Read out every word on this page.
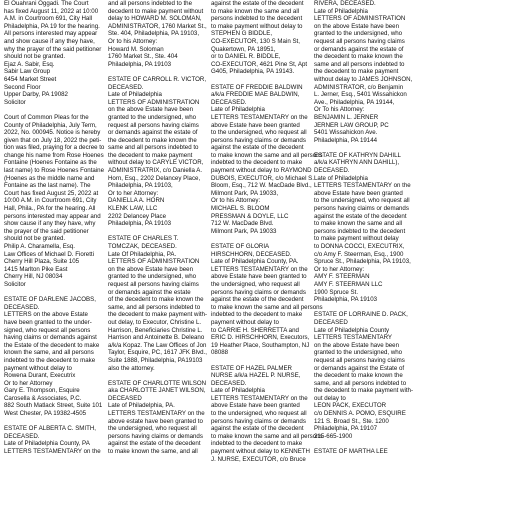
El Ouahrani Oggadi. The Court
has fixed August 11, 2022 at 10:00
A.M. in Courtroom 691, City Hall
Philadelphia, PA 19 for the hearing.
All persons interested may appear
and show cause if any they have,
why the prayer of the said petitioner
should not be granted.
Ejaz A. Sabir, Esq.
Sabir Law Group
6454 Market Street
Second Floor
Upper Darby, PA 19082
Solicitor
Court of Common Pleas for the
County of Philadelphia, July Term,
2022, No. 000945. Notice is hereby
given that on July 18, 2022 the peti-
tion was filed, praying for a decree to
change his name from Rose Hoenes
Fontaine (Hoenes Fontaine as the
last name) to Rose Hoenes Fontaine
(Hoenes as the middle name and
Fontaine as the last name). The
Court has fixed August 25, 2022 at
10:00 A.M. in Courtroom 691, City
Hall, Phila., PA for the hearing. All
persons interested may appear and
show cause if any they have, why
the prayer of the said petitioner
should not be granted.
Philip A. Charamella, Esq.
Law Offices of Michael D. Fioretti
Cherry Hill Plaza, Suite 105
1415 Marlton Pike East
Cherry Hill, NJ 08034
Solicitor
ESTATE OF DARLENE JACOBS,
DECEASED.
LETTERS on the above Estate
have been granted to the under-
signed, who request all persons
having claims or demands against
the Estate of the decedent to make
known the same, and all persons
indebted to the decedent to make
payment without delay to
Rowena Durant, Executrix
Or to her Attorney
Gary E. Thompson, Esquire
Carosella & Associates, P.C.
882 South Matlack Street, Suite 101
West Chester, PA 19382-4505
ESTATE OF ALBERTA C. SMITH,
DECEASED.
Late of Philadelphia County, PA
LETTERS TESTAMENTARY on the
and all persons indebted to the
decedent to make payment without
delay to HOWARD M. SOLOMAN,
ADMINISTRATOR, 1760 Market St.,
Ste. 404, Philadelphia, PA 19103,
Or to his Attorney:
Howard M. Soloman
1760 Market St., Ste. 404
Philadelphia, PA 19103
ESTATE OF CARROLL R. VICTOR,
DECEASED.
Late of Philadelphia
LETTERS OF ADMINISTRATION
on the above Estate have been
granted to the undersigned, who
request all persons having claims
or demands against the estate of
the decedent to make known the
same and all persons indebted to
the decedent to make payment
without delay to CARYLE VICTOR,
ADMINISTRATRIX, c/o Daniella A.
Horn, Esq., 2202 Delancey Place,
Philadelphia, PA 19103,
Or to her Attorney:
DANIELLA A. HORN
KLENK LAW, LLC
2202 Delancey Place
Philadelphia, PA 19103
ESTATE OF CHARLES T.
TOMCZAK, DECEASED.
Late Of Philadelphia, PA.
LETTERS OF ADMINISTRATION
on the above Estate have been
granted to the undersigned, who
request all persons having claims
or demands against the estate
of the decedent to make known the
same, and all persons indebted to
the decedent to make payment with-
out delay, to Executor, Christine L.
Harrison, Beneficiaries Christine L.
Harrison and Antoinette B. Deleano
a/k/a Kopaz. The Law Offices of Jon
Taylor, Esquire, PC, 1617 JFK Blvd.,
Suite 1888, Philadelphia, PA19103
also the attorney.
ESTATE OF CHARLOTTE WILSON
aka CHARLOTTE JANET WILSON,
DECEASED
Late of Philadelphia, PA.
LETTERS TESTAMENTARY on the
above estate have been granted to
the undersigned, who request all
persons having claims or demands
against the estate of the decedent
to make known the same, and all
against the estate of the decedent
to make known the same and all
persons indebted to the decedent
to make payment without delay to
STEPHEN G BIDDLE,
CO-EXECUTOR, 130 S Main St,
Quakertown, PA 18951,
or to DANIEL R. BIDDLE,
CO-EXECUTOR, 4621 Pine St, Apt
G405, Philadelphia, PA 19143.
ESTATE OF FREDDIE BALDWIN
a/k/a FREDDIE MAE BALDWIN,
DECEASED.
Late of Philadelphia
LETTERS TESTAMENTARY on the
above Estate have been granted
to the undersigned, who request all
persons having claims or demands
against the estate of the decedent
to make known the same and all persons
indebted to the decedent to make
payment without delay to RAYMOND
DUBOIS, EXECUTOR, c/o Michael S.
Bloom, Esq., 712 W. MacDade Blvd.,
Milmont Park, PA 19033,
Or to his Attorney:
MICHAEL S. BLOOM
PRESSMAN & DOYLE, LLC
712 W. MacDade Blvd.
Milmont Park, PA 19033
ESTATE OF GLORIA
HIRSCHHORN, DECEASED.
Late of Philadelphia County, PA.
LETTERS TESTAMENTARY on the
above Estate have been granted to
the undersigned, who request all
persons having claims or demands
against the estate of the decedent
to make known the same and all persons
indebted to the decedent to make
payment without delay to
to CARRIE H. SHERRETTA and
ERIC D. HIRSCHHORN, Executors,
19 Heather Place, Southampton, NJ
08088
ESTATE OF HAZEL PALMER
NURSE a/k/a HAZEL P. NURSE,
DECEASED.
Late of Philadelphia
LETTERS TESTAMENTARY on the
above Estate have been granted
to the undersigned, who request all
persons having claims or demands
against the estate of the decedent
to make known the same and all persons
indebted to the decedent to make
payment without delay to KENNETH
J. NURSE, EXECUTOR, c/o Bruce
RIVERA, DECEASED.
Late of Philadelphia
LETTERS OF ADMINISTRATION
on the above Estate have been
granted to the undersigned, who
request all persons having claims
or demands against the estate of
the decedent to make known the
same and all persons indebted to
the decedent to make payment
without delay to JAMES JOHNSON,
ADMINISTRATOR, c/o Benjamin
L. Jerner, Esq., 5401 Wissahickon
Ave., Philadelphia, PA 19144,
Or To his Attorney:
BENJAMIN L. JERNER
JERNER LAW GROUP, PC
5401 Wissahickon Ave.
Philadelphia, PA 19144
ESTATE OF KATHRYN DAHILL
a/k/a KATHRYN ANN DAHILL),
DECEASED.
Late of Philadelphia
LETTERS TESTAMENTARY on the
above Estate have been granted
to the undersigned, who request all
persons having claims or demands
against the estate of the decedent
to make known the same and all
persons indebted to the decedent
to make payment without delay
to DONNA COCCI, EXECUTRIX,
c/o Amy F. Steerman, Esq., 1900
Spruce St., Philadelphia, PA 19103,
Or to her Attorney:
AMY F. STEERMAN
AMY F. STEERMAN LLC
1900 Spruce St.
Philadelphia, PA 19103
ESTATE OF LORRAINE D. PACK,
DECEASED
Late of Philadelphia County
LETTERS TESTAMENTARY
on the above Estate have been
granted to the undersigned, who
request all persons having claims
or demands against the Estate of
the decedent to make known the
same, and all persons indebted to
the decedent to make payment with-
out delay to
LEON PACK, EXECUTOR
c/o DENNIS A. POMO, ESQUIRE
121 S. Broad St., Ste. 1200
Philadelphia, PA 19107
215-665-1900
ESTATE OF MARTHA LEE
